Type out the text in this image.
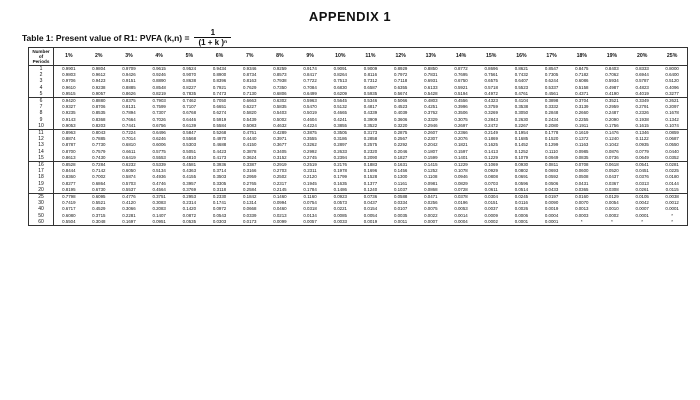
APPENDIX 1
Table 1: Present value of R1: PVFA $(k,n) = \frac{1}{\text{(1 + k )ⁿ}}$
Number
of
Periods	1%	2%	3%	4%	5%	6%	7%	8%	9%	10%	11%	12%	13%	14%	15%	16%	17%	18%	19%	20%	25%
1	0.9901	0.9804	0.9709	0.9615	0.9524	0.9434	0.9346	0.9259	0.9174	0.9091	0.9009	0.8929	0.8850	0.8772	0.8696	0.8621	0.8547	0.8475	0.8403	0.8333	0.8000
2	0.9803	0.9612	0.9426	0.9246	0.9070	0.8900	0.8734	0.8573	0.8417	0.8264	0.8116	0.7972	0.7831	0.7695	0.7561	0.7432	0.7305	0.7182	0.7062	0.6944	0.6400
3	0.9706	0.9423	0.9151	0.8890	0.8638	0.8396	0.8163	0.7938	0.7722	0.7513	0.7312	0.7118	0.6931	0.6750	0.6575	0.6407	0.6244	0.6086	0.5934	0.5787	0.5120
4	0.9610	0.9238	0.8885	0.8548	0.8227	0.7921	0.7629	0.7350	0.7084	0.6830	0.6587	0.6355	0.6133	0.5921	0.5718	0.5523	0.5337	0.5158	0.4987	0.4823	0.4096
5	0.9515	0.9057	0.8626	0.8219	0.7835	0.7473	0.7130	0.6806	0.6499	0.6209	0.5935	0.5674	0.5428	0.5194	0.4972	0.4761	0.4561	0.4371	0.4190	0.4019	0.3277
6	0.9420	0.8880	0.8375	0.7903	0.7462	0.7050	0.6663	0.6302	0.5963	0.5645	0.5346	0.5066	0.4803	0.4556	0.4323	0.4104	0.3898	0.3704	0.3521	0.3349	0.2621
7	0.9327	0.8706	0.8131	0.7599	0.7107	0.6651	0.6227	0.5835	0.5470	0.5132	0.4817	0.4523	0.4251	0.3996	0.3759	0.3538	0.3332	0.3139	0.2959	0.2791	0.2097
8	0.9235	0.8535	0.7894	0.7307	0.6768	0.6274	0.5820	0.5403	0.5019	0.4665	0.4339	0.4039	0.3762	0.3506	0.3269	0.3050	0.2848	0.2660	0.2487	0.2326	0.1678
9	0.9143	0.8368	0.7664	0.7026	0.6446	0.5919	0.5439	0.5002	0.4604	0.4241	0.3909	0.3606	0.3329	0.3075	0.2843	0.2630	0.2434	0.2255	0.2090	0.1938	0.1342
10	0.9053	0.8203	0.7441	0.6756	0.6139	0.5584	0.5083	0.4632	0.4224	0.3855	0.3522	0.3220	0.2946	0.2697	0.2472	0.2267	0.2080	0.1911	0.1756	0.1615	0.1074
11	0.8963	0.8043	0.7224	0.6496	0.5847	0.5268	0.4751	0.4289	0.3875	0.3505	0.3173	0.2875	0.2607	0.2366	0.2149	0.1954	0.1778	0.1619	0.1476	0.1346	0.0859
12	0.8874	0.7885	0.7014	0.6246	0.5568	0.4970	0.4440	0.3971	0.3555	0.3186	0.2858	0.2567	0.2307	0.2076	0.1869	0.1685	0.1520	0.1372	0.1240	0.1122	0.0687
13	0.8787	0.7730	0.6810	0.6006	0.5303	0.4688	0.4150	0.3677	0.3262	0.2897	0.2575	0.2292	0.2042	0.1821	0.1625	0.1452	0.1299	0.1163	0.1042	0.0935	0.0550
14	0.8700	0.7579	0.6611	0.5775	0.5051	0.4423	0.3878	0.3405	0.2992	0.2633	0.2320	0.2046	0.1807	0.1597	0.1413	0.1252	0.1110	0.0985	0.0876	0.0779	0.0440
15	0.8613	0.7430	0.6419	0.5553	0.4810	0.4173	0.3624	0.3152	0.2745	0.2394	0.2090	0.1827	0.1599	0.1401	0.1229	0.1079	0.0949	0.0835	0.0736	0.0649	0.0352
16	0.8528	0.7284	0.6232	0.5339	0.4581	0.3936	0.3387	0.2919	0.2519	0.2176	0.1883	0.1631	0.1415	0.1229	0.1069	0.0930	0.0811	0.0708	0.0618	0.0541	0.0281
17	0.8444	0.7142	0.6050	0.5134	0.4363	0.3714	0.3166	0.2703	0.2311	0.1978	0.1696	0.1456	0.1252	0.1078	0.0929	0.0802	0.0693	0.0600	0.0520	0.0451	0.0225
18	0.8360	0.7002	0.5874	0.4936	0.4155	0.3503	0.2959	0.2502	0.2120	0.1799	0.1528	0.1300	0.1108	0.0946	0.0808	0.0691	0.0592	0.0508	0.0437	0.0376	0.0180
19	0.8277	0.6864	0.5703	0.4746	0.3957	0.3305	0.2765	0.2317	0.1945	0.1635	0.1377	0.1161	0.0981	0.0829	0.0703	0.0596	0.0506	0.0431	0.0367	0.0313	0.0144
20	0.8195	0.6730	0.5537	0.4564	0.3769	0.3118	0.2584	0.2145	0.1784	0.1486	0.1240	0.1037	0.0868	0.0728	0.0611	0.0514	0.0433	0.0365	0.0308	0.0261	0.0115
25	0.7798	0.6095	0.4776	0.3751	0.2953	0.2330	0.1842	0.1460	0.1160	0.0923	0.0736	0.0588	0.0471	0.0378	0.0304	0.0245	0.0197	0.0160	0.0129	0.0105	0.0038
30	0.7419	0.5521	0.4120	0.3083	0.2314	0.1741	0.1314	0.0994	0.0754	0.0573	0.0437	0.0334	0.0256	0.0196	0.0151	0.0116	0.0090	0.0070	0.0054	0.0042	0.0012
40	0.6717	0.4529	0.3066	0.2083	0.1420	0.0972	0.0668	0.0460	0.0318	0.0221	0.0154	0.0107	0.0075	0.0053	0.0037	0.0026	0.0019	0.0013	0.0010	0.0007	0.0001
50	0.6080	0.3715	0.2281	0.1407	0.0872	0.0543	0.0339	0.0213	0.0134	0.0085	0.0054	0.0035	0.0022	0.0014	0.0009	0.0006	0.0004	0.0003	0.0002	0.0001	*
60	0.5504	0.3048	0.1697	0.0951	0.0535	0.0303	0.0173	0.0099	0.0057	0.0033	0.0019	0.0011	0.0007	0.0004	0.0002	0.0001	0.0001	*	*	*	*
